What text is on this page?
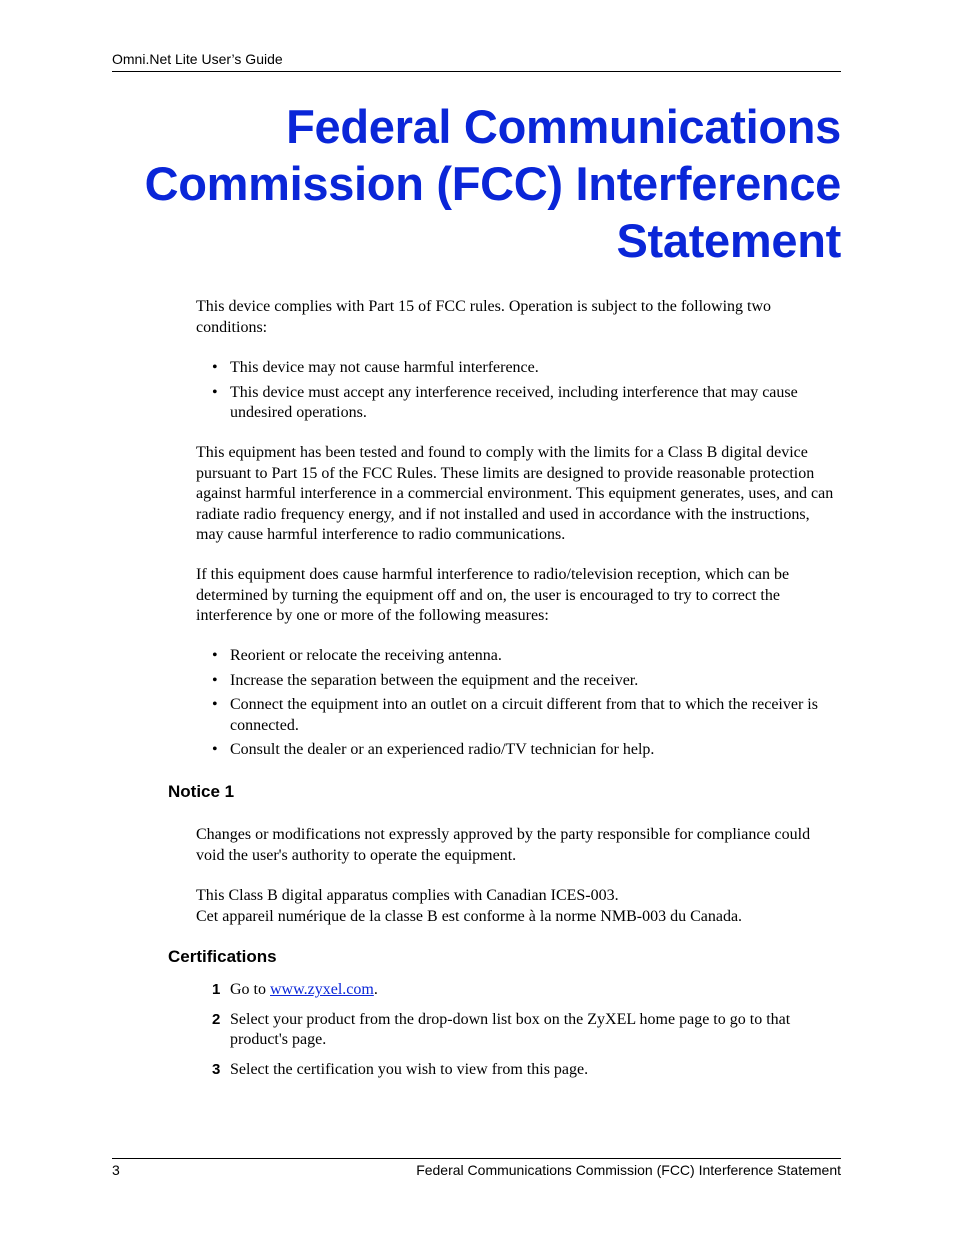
Omni.Net Lite User’s Guide
Federal Communications
Commission (FCC) Interference
Statement

This device complies with Part 15 of FCC rules. Operation is subject to the following two conditions:

• This device may not cause harmful interference.
• This device must accept any interference received, including interference that may cause undesired operations.

This equipment has been tested and found to comply with the limits for a Class B digital device pursuant to Part 15 of the FCC Rules. These limits are designed to provide reasonable protection against harmful interference in a commercial environment. This equipment generates, uses, and can radiate radio frequency energy, and if not installed and used in accordance with the instructions, may cause harmful interference to radio communications.

If this equipment does cause harmful interference to radio/television reception, which can be determined by turning the equipment off and on, the user is encouraged to try to correct the interference by one or more of the following measures:

• Reorient or relocate the receiving antenna.
• Increase the separation between the equipment and the receiver.
• Connect the equipment into an outlet on a circuit different from that to which the receiver is connected.
• Consult the dealer or an experienced radio/TV technician for help.
Notice 1

Changes or modifications not expressly approved by the party responsible for compliance could void the user's authority to operate the equipment.

This Class B digital apparatus complies with Canadian ICES-003.
Cet appareil numérique de la classe B est conforme à la norme NMB-003 du Canada.

Certifications
1 Go to www.zyxel.com.
2 Select your product from the drop-down list box on the ZyXEL home page to go to that product's page.
3 Select the certification you wish to view from this page.
3	Federal Communications Commission (FCC) Interference Statement
